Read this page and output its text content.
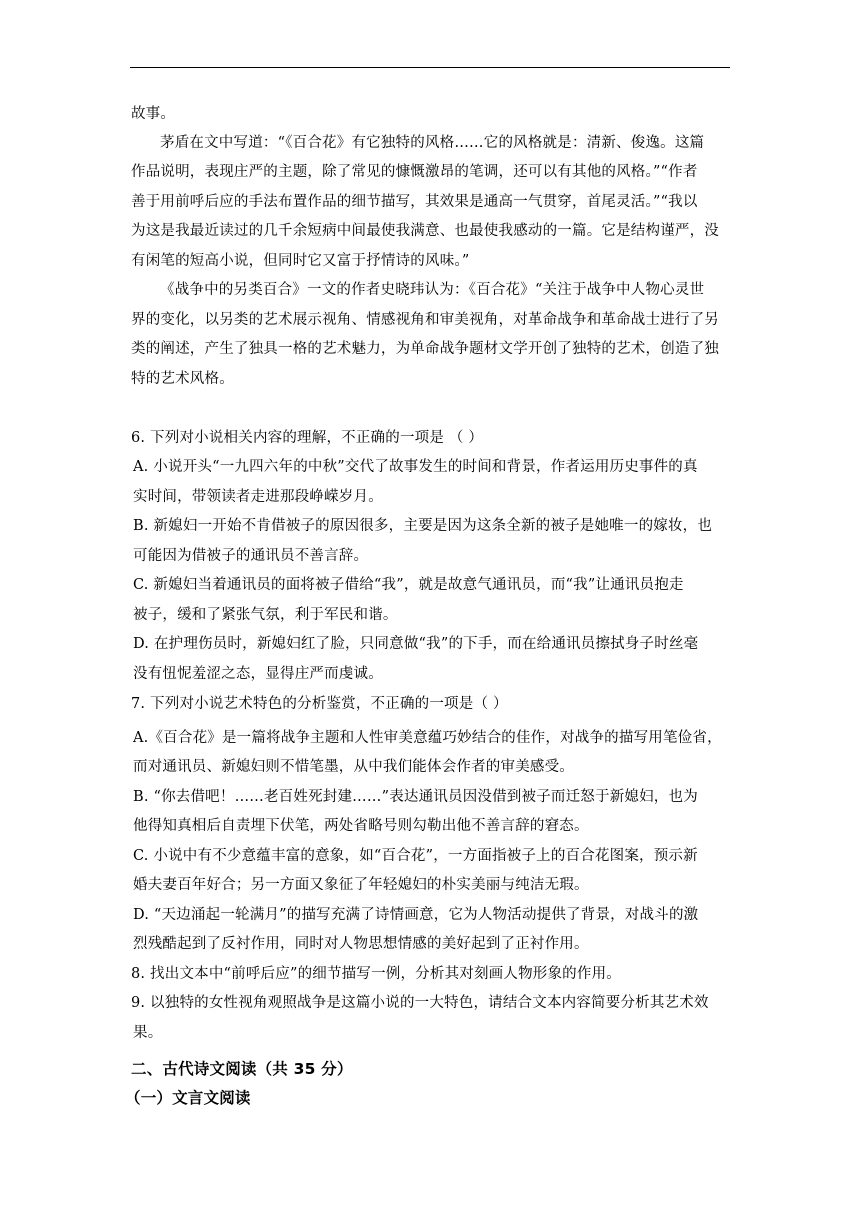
故事。
茅盾在文中写道：“《百合花》有它独特的风格……它的风格就是：清新、俊逸。这篇
作品说明，表现庄严的主题，除了常见的慷慨激昂的笔调，还可以有其他的风格。”“作者
善于用前呼后应的手法布置作品的细节描写，其效果是通高一气贯穿，首尾灵活。”“我以
为这是我最近读过的几千余短病中间最使我满意、也最使我感动的一篇。它是结构谨严，没
有闲笔的短高小说，但同时它又富于抒情诗的风味。”
《战争中的另类百合》一文的作者史晓玮认为：《百合花》“关注于战争中人物心灵世
界的变化，以另类的艺术展示视角、情感视角和审美视角，对革命战争和革命战士进行了另
类的阐述，产生了独具一格的艺术魅力，为单命战争题材文学开创了独特的艺术，创造了独
特的艺术风格。
6. 下列对小说相关内容的理解，不正确的一项是 （ ）
A. 小说开头“一九四六年的中秋”交代了故事发生的时间和背景，作者运用历史事件的真
实时间，带领读者走进那段峥嵘岁月。
B. 新媳妇一开始不肯借被子的原因很多，主要是因为这条全新的被子是她唯一的嫁妆，也
可能因为借被子的通讯员不善言辞。
C. 新媳妇当着通讯员的面将被子借给“我”，就是故意气通讯员，而“我”让通讯员抱走
被子，缓和了紧张气氛，利于军民和谐。
D. 在护理伤员时，新媳妇红了脸，只同意做“我”的下手，而在给通讯员擦拭身子时丝毫
没有忸怩羞涩之态，显得庄严而虔诚。
7. 下列对小说艺术特色的分析鉴赏，不正确的一项是（ ）
A.《百合花》是一篇将战争主题和人性审美意蕴巧妙结合的佳作，对战争的描写用笔俭省，
而对通讯员、新媳妇则不惜笔墨，从中我们能体会作者的审美感受。
B. “你去借吧！……老百姓死封建……”表达通讯员因没借到被子而迁怒于新媳妇，也为
他得知真相后自责埋下伏笔，两处省略号则勾勒出他不善言辞的窘态。
C. 小说中有不少意蕴丰富的意象，如“百合花”，一方面指被子上的百合花图案，预示新
婚夫妻百年好合；另一方面又象征了年轻媳妇的朴实美丽与纯洁无瑕。
D. “天边涌起一轮满月”的描写充满了诗情画意，它为人物活动提供了背景，对战斗的激
烈残酷起到了反衬作用，同时对人物思想情感的美好起到了正衬作用。
8. 找出文本中“前呼后应”的细节描写一例，分析其对刻画人物形象的作用。
9. 以独特的女性视角观照战争是这篇小说的一大特色，请结合文本内容简要分析其艺术效
果。
二、古代诗文阅读（共 35 分）
（一）文言文阅读
